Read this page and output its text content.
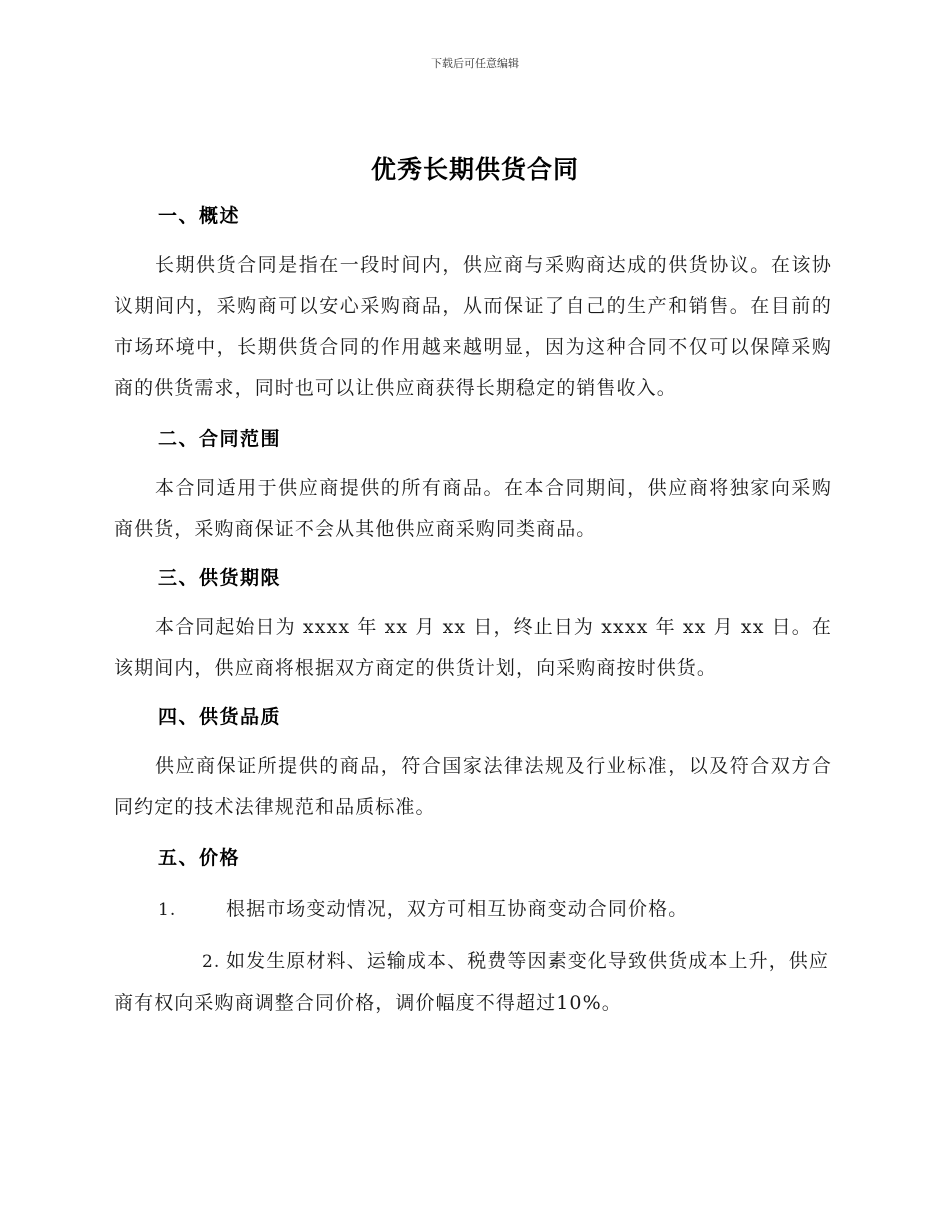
下载后可任意编辑
优秀长期供货合同

一、概述

长期供货合同是指在一段时间内，供应商与采购商达成的供货协议。在该协议期间内，采购商可以安心采购商品，从而保证了自己的生产和销售。在目前的市场环境中，长期供货合同的作用越来越明显，因为这种合同不仅可以保障采购商的供货需求，同时也可以让供应商获得长期稳定的销售收入。

二、合同范围

本合同适用于供应商提供的所有商品。在本合同期间，供应商将独家向采购商供货，采购商保证不会从其他供应商采购同类商品。

三、供货期限

本合同起始日为 xxxx 年 xx 月 xx 日，终止日为 xxxx 年 xx 月 xx 日。在该期间内，供应商将根据双方商定的供货计划，向采购商按时供货。

四、供货品质

供应商保证所提供的商品，符合国家法律法规及行业标准，以及符合双方合同约定的技术法律规范和品质标准。

五、价格

1.	根据市场变动情况，双方可相互协商变动合同价格。

2. 如发生原材料、运输成本、税费等因素变化导致供货成本上升，供应商有权向采购商调整合同价格，调价幅度不得超过10%。
